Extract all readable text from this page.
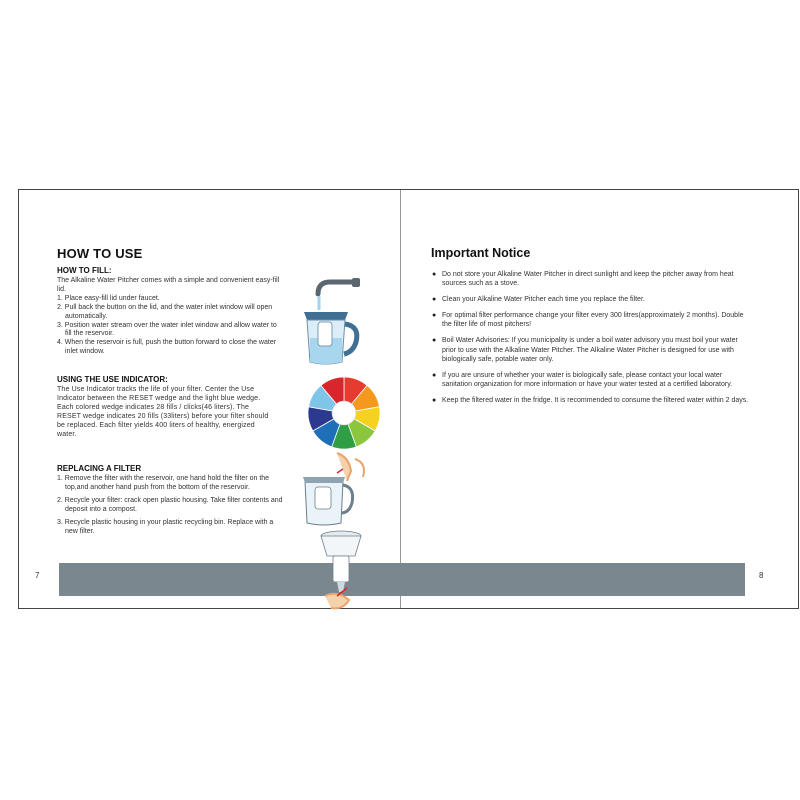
7	8
HOW TO USE
HOW TO FILL:

The Alkaline Water Pitcher comes with a simple and convenient easy-fill lid.

1. Place easy-fill lid under faucet.

2. Pull back the button on the lid, and the water inlet window will open automatically.

3. Position water stream over the water inlet window and allow water to fill the reservoir.

4. When the reservoir is full, push the button forward to close the water inlet window.

USING THE USE INDICATOR:

The Use Indicator tracks the life of your filter. Center the Use Indicator between the RESET wedge and the light blue wedge. Each colored wedge indicates 28 fills / clicks(46 liters). The RESET wedge indicates 20 fills (33liters) before your filter should be replaced. Each filter yields 400 liters of healthy, energized water.

REPLACING A FILTER

1. Remove the filter with the reservoir, one hand hold the filter on the top,and another hand push from the bottom of the reservoir.

2. Recycle your filter: crack open plastic housing. Take filter contents and deposit into a compost.

3. Recycle plastic housing in your plastic recycling bin. Replace with a new filter.

Important Notice
● Do not store your Alkaline Water Pitcher in direct sunlight and keep the pitcher away from heat sources such as a stove.
● Clean your Alkaline Water Pitcher each time you replace the filter.
● For optimal filter performance change your filter every 300 litres(approximately 2 months). Double the filter life of most pitchers!
● Boil Water Advisories: If you municipality is under a boil water advisory you must boil your water prior to use with the Alkaline Water Pitcher. The Alkaline Water Pitcher is designed for use with biologically safe, potable water only.
● If you are unsure of whether your water is biologically safe, please contact your local water sanitation organization for more information or have your water tested at a certified laboratory.
● Keep the filtered water in the fridge. It is recommended to consume the filtered water within 2 days.
